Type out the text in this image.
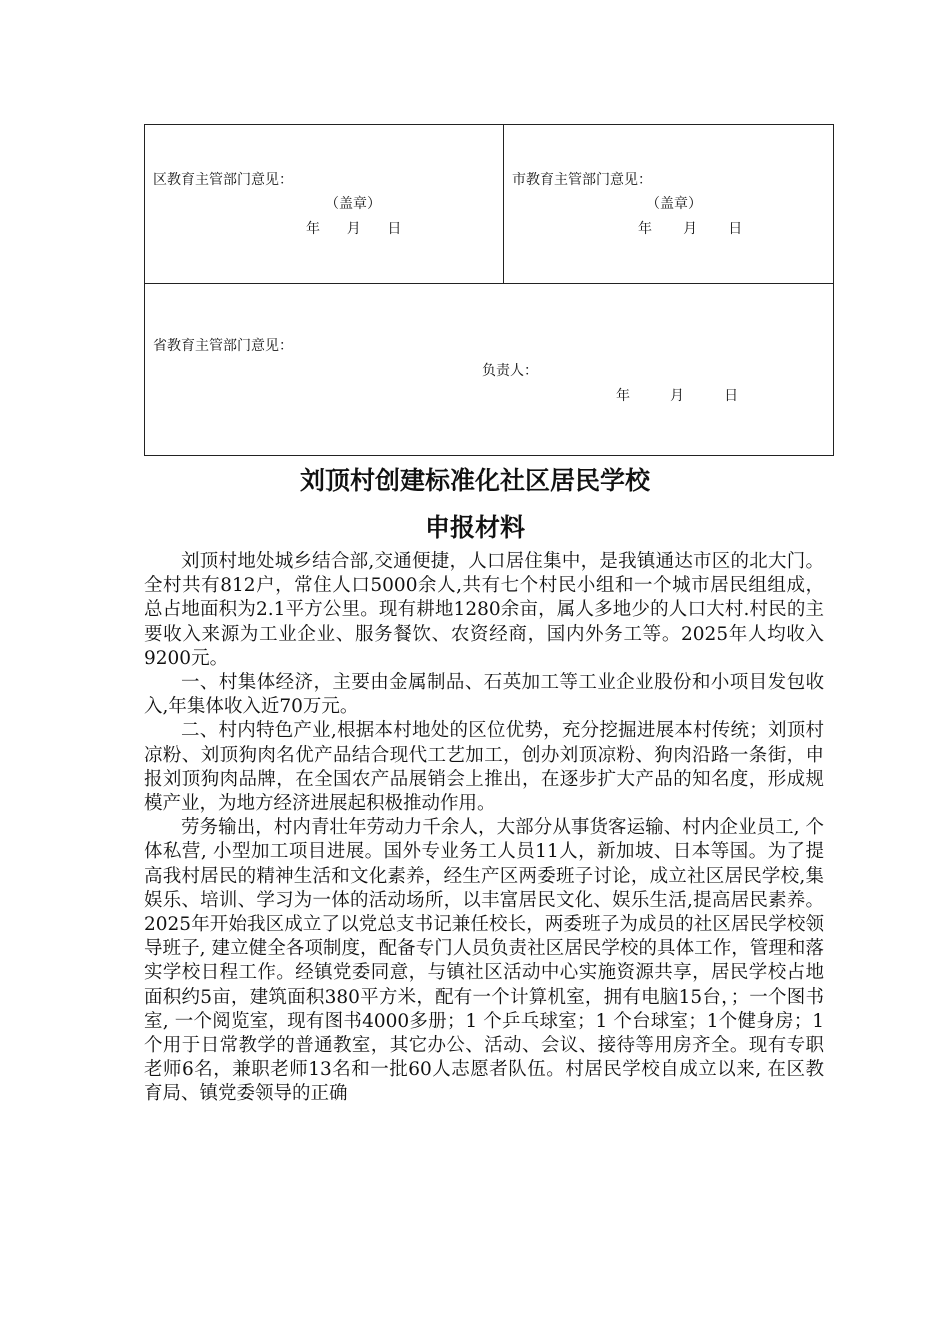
区教育主管部门意见：
（盖章）
年      月      日
市教育主管部门意见：
（盖章）
年       月       日
省教育主管部门意见：
负责人：
年         月         日
刘顶村创建标准化社区居民学校
申报材料

刘顶村地处城乡结合部,交通便捷，人口居住集中，是我镇通达市区的北大门。全村共有812户，常住人口5000余人,共有七个村民小组和一个城市居民组组成，总占地面积为2.1平方公里。现有耕地1280余亩，属人多地少的人口大村.村民的主要收入来源为工业企业、服务餐饮、农资经商，国内外务工等。2025年人均收入9200元。

一、村集体经济，主要由金属制品、石英加工等工业企业股份和小项目发包收入,年集体收入近70万元。

二、村内特色产业,根据本村地处的区位优势，充分挖掘进展本村传统；刘顶村凉粉、刘顶狗肉名优产品结合现代工艺加工，创办刘顶凉粉、狗肉沿路一条街，申报刘顶狗肉品牌，在全国农产品展销会上推出，在逐步扩大产品的知名度，形成规模产业，为地方经济进展起积极推动作用。

劳务输出，村内青壮年劳动力千余人，大部分从事货客运输、村内企业员工, 个体私营, 小型加工项目进展。国外专业务工人员11人，新加坡、日本等国。为了提高我村居民的精神生活和文化素养，经生产区两委班子讨论，成立社区居民学校,集娱乐、培训、学习为一体的活动场所，以丰富居民文化、娱乐生活,提高居民素养。2025年开始我区成立了以党总支书记兼任校长，两委班子为成员的社区居民学校领导班子, 建立健全各项制度，配备专门人员负责社区居民学校的具体工作，管理和落实学校日程工作。经镇党委同意，与镇社区活动中心实施资源共享，居民学校占地面积约5亩，建筑面积380平方米，配有一个计算机室，拥有电脑15台，；一个图书室, 一个阅览室，现有图书4000多册；1 个乒乓球室；1 个台球室；1个健身房；1个用于日常教学的普通教室，其它办公、活动、会议、接待等用房齐全。现有专职老师6名，兼职老师13名和一批60人志愿者队伍。村居民学校自成立以来, 在区教育局、镇党委领导的正确
